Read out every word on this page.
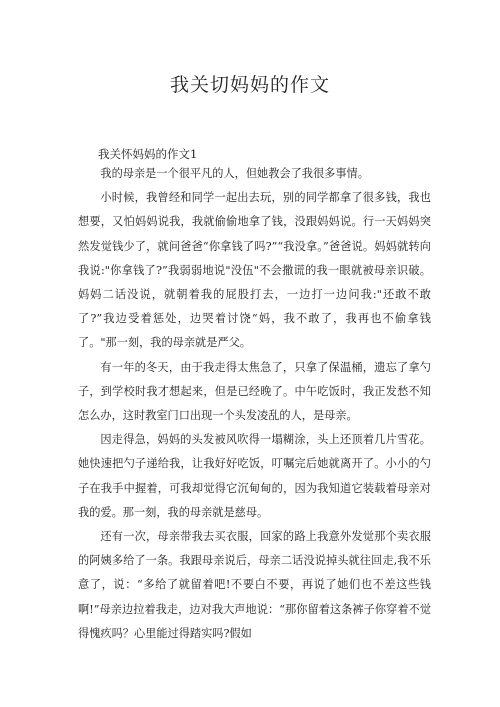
我关切妈妈的作文
我关怀妈妈的作文1

我的母亲是一个很平凡的人，但她教会了我很多事情。

小时候，我曾经和同学一起出去玩，别的同学都拿了很多钱，我也想要，又怕妈妈说我，我就偷偷地拿了钱，没跟妈妈说。行一天妈妈突然发觉钱少了，就问爸爸“你拿钱了吗?”“我没拿。”爸爸说。妈妈就转向我说:"你拿钱了?”我弱弱地说"没伍"不会撒谎的我一眼就被母亲识破。妈妈二话没说，就朝着我的屁股打去，一边打一边问我:"还敢不敢了?”我边受着惩处，边哭着讨饶“妈，我不敢了，我再也不偷拿钱了。"那一刻，我的母亲就是严父。

有一年的冬天，由于我走得太焦急了，只拿了保温桶，遗忘了拿勺子，到学校时我才想起来，但是已经晚了。中午吃饭时，我正发愁不知怎么办，这时教室门口出现一个头发凌乱的人，是母亲。

因走得急，妈妈的头发被风吹得一塌糊涂，头上还顶着几片雪花。她快速把勺子递给我，让我好好吃饭，叮嘱完后她就离开了。小小的勺子在我手中握着，可我却觉得它沉甸甸的，因为我知道它装载着母亲对我的爱。那一刻，我的母亲就是慈母。

还有一次，母亲带我去买衣服，回家的路上我意外发觉那个卖衣服的阿姨多给了一条。我跟母亲说后，母亲二话没说掉头就往回走,我不乐意了，说：“多给了就留着吧!不要白不要，再说了她们也不差这些钱啊!”母亲边拉着我走，边对我大声地说：“那你留着这条裤子你穿着不觉得愧疚吗？心里能过得踏实吗?假如
